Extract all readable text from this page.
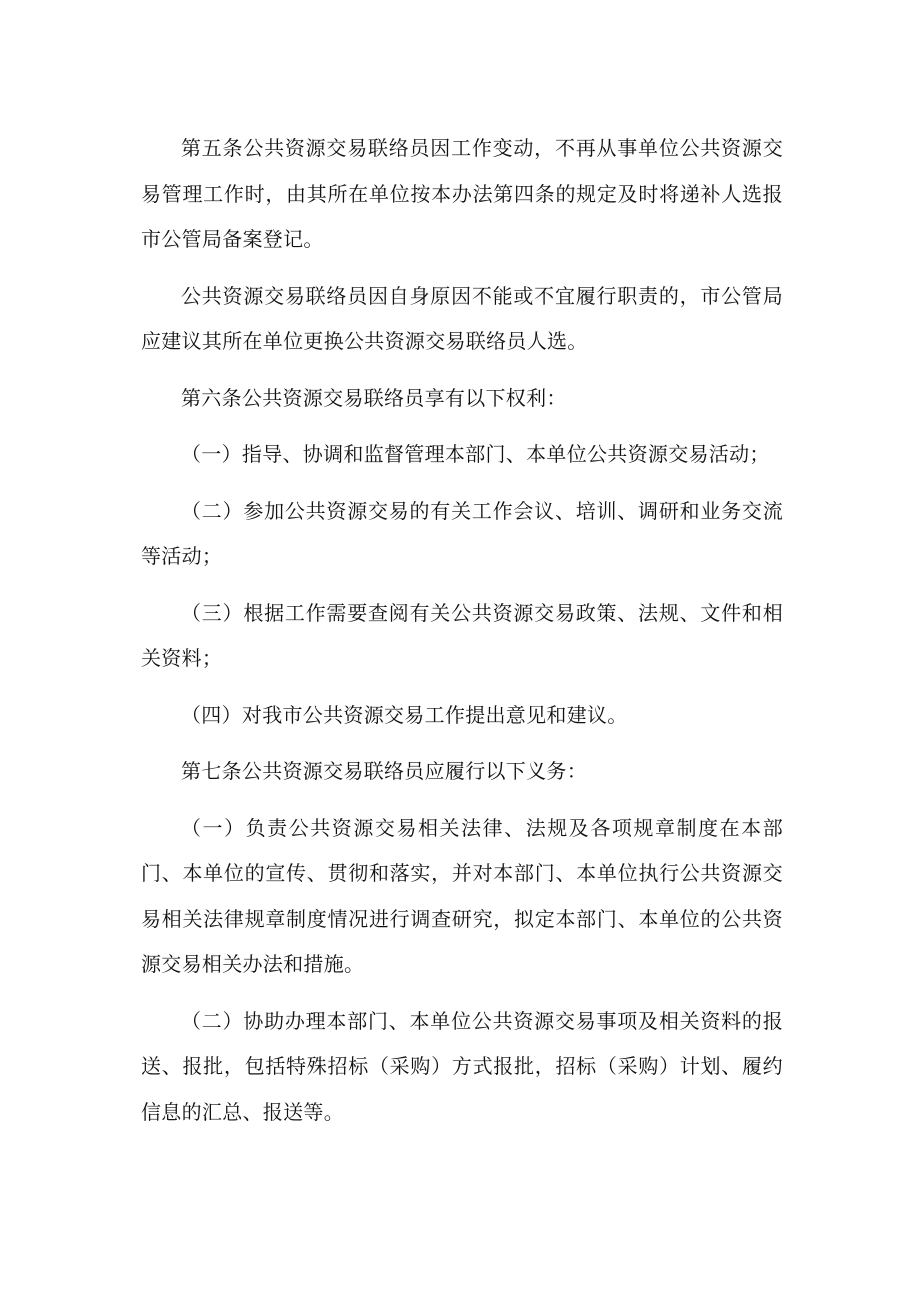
第五条公共资源交易联络员因工作变动，不再从事单位公共资源交易管理工作时，由其所在单位按本办法第四条的规定及时将递补人选报市公管局备案登记。

公共资源交易联络员因自身原因不能或不宜履行职责的，市公管局应建议其所在单位更换公共资源交易联络员人选。

第六条公共资源交易联络员享有以下权利：

（一）指导、协调和监督管理本部门、本单位公共资源交易活动；

（二）参加公共资源交易的有关工作会议、培训、调研和业务交流等活动；

（三）根据工作需要查阅有关公共资源交易政策、法规、文件和相关资料；

（四）对我市公共资源交易工作提出意见和建议。

第七条公共资源交易联络员应履行以下义务：

（一）负责公共资源交易相关法律、法规及各项规章制度在本部门、本单位的宣传、贯彻和落实，并对本部门、本单位执行公共资源交易相关法律规章制度情况进行调查研究，拟定本部门、本单位的公共资源交易相关办法和措施。

（二）协助办理本部门、本单位公共资源交易事项及相关资料的报送、报批，包括特殊招标（采购）方式报批，招标（采购）计划、履约信息的汇总、报送等。
